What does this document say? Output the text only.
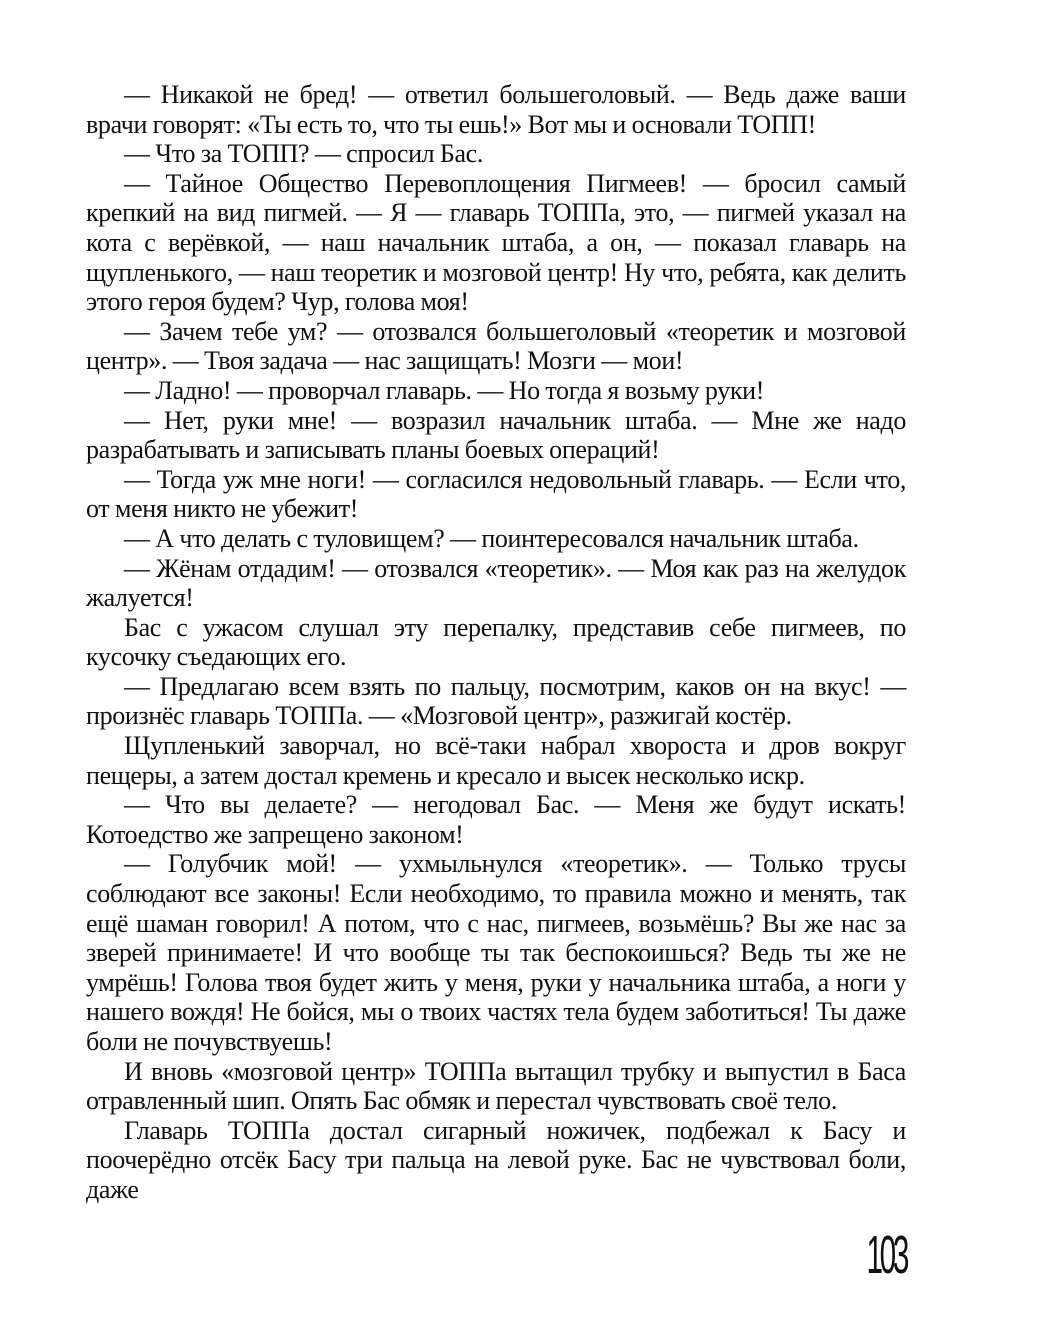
— Никакой не бред! — ответил большеголовый. — Ведь даже ваши врачи говорят: «Ты есть то, что ты ешь!» Вот мы и основали ТОПП!

— Что за ТОПП? — спросил Бас.

— Тайное Общество Перевоплощения Пигмеев! — бросил самый крепкий на вид пигмей. — Я — главарь ТОППа, это, — пигмей указал на кота с верёвкой, — наш начальник штаба, а он, — показал главарь на щупленького, — наш теоретик и мозговой центр! Ну что, ребята, как делить этого героя будем? Чур, голова моя!

— Зачем тебе ум? — отозвался большеголовый «теоретик и мозговой центр». — Твоя задача — нас защищать! Мозги — мои!

— Ладно! — проворчал главарь. — Но тогда я возьму руки!

— Нет, руки мне! — возразил начальник штаба. — Мне же надо разрабатывать и записывать планы боевых операций!

— Тогда уж мне ноги! — согласился недовольный главарь. — Если что, от меня никто не убежит!

— А что делать с туловищем? — поинтересовался начальник штаба.

— Жёнам отдадим! — отозвался «теоретик». — Моя как раз на желудок жалуется!

Бас с ужасом слушал эту перепалку, представив себе пигмеев, по кусочку съедающих его.

— Предлагаю всем взять по пальцу, посмотрим, каков он на вкус! — произнёс главарь ТОППа. — «Мозговой центр», разжигай костёр.

Щупленький заворчал, но всё-таки набрал хвороста и дров вокруг пещеры, а затем достал кремень и кресало и высек несколько искр.

— Что вы делаете? — негодовал Бас. — Меня же будут искать! Котоедство же запрещено законом!

— Голубчик мой! — ухмыльнулся «теоретик». — Только трусы соблюдают все законы! Если необходимо, то правила можно и менять, так ещё шаман говорил! А потом, что с нас, пигмеев, возьмёшь? Вы же нас за зверей принимаете! И что вообще ты так беспокоишься? Ведь ты же не умрёшь! Голова твоя будет жить у меня, руки у начальника штаба, а ноги у нашего вождя! Не бойся, мы о твоих частях тела будем заботиться! Ты даже боли не почувствуешь!

И вновь «мозговой центр» ТОППа вытащил трубку и выпустил в Баса отравленный шип. Опять Бас обмяк и перестал чувствовать своё тело.

Главарь ТОППа достал сигарный ножичек, подбежал к Басу и поочерёдно отсёк Басу три пальца на левой руке. Бас не чувствовал боли, даже

103
